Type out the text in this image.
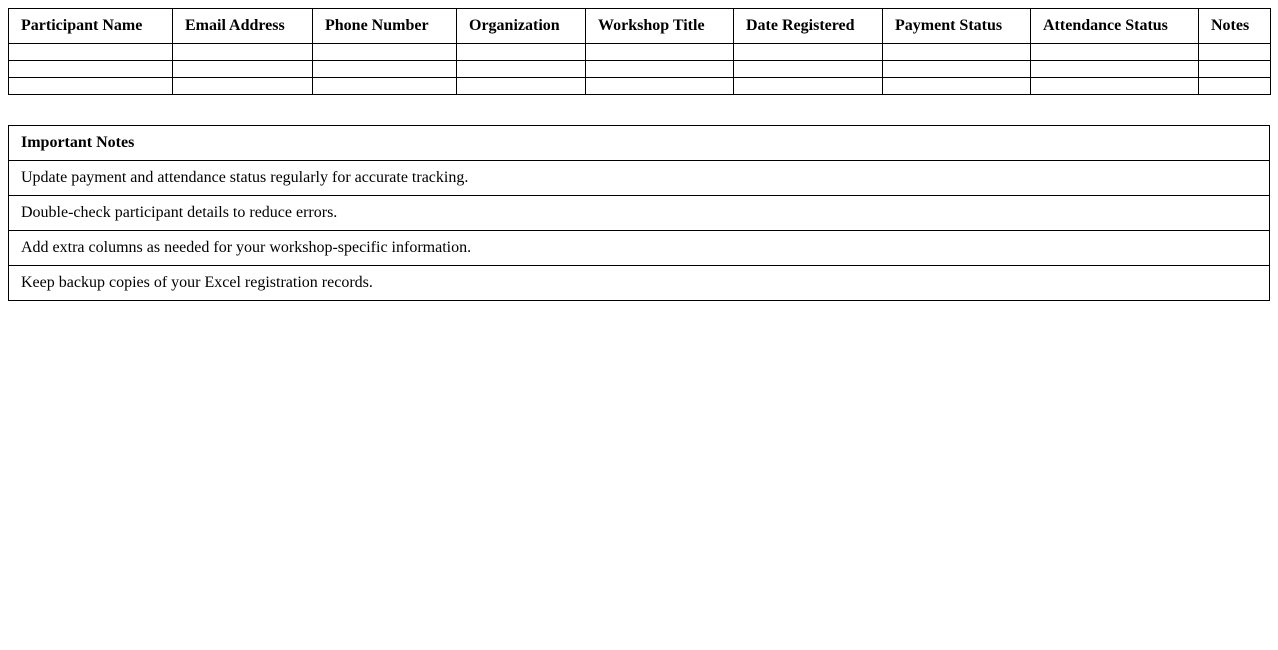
Participant Name	Email Address	Phone Number	Organization	Workshop Title	Date Registered	Payment Status	Attendance Status	Notes

Important Notes
Update payment and attendance status regularly for accurate tracking.
Double-check participant details to reduce errors.
Add extra columns as needed for your workshop-specific information.
Keep backup copies of your Excel registration records.
